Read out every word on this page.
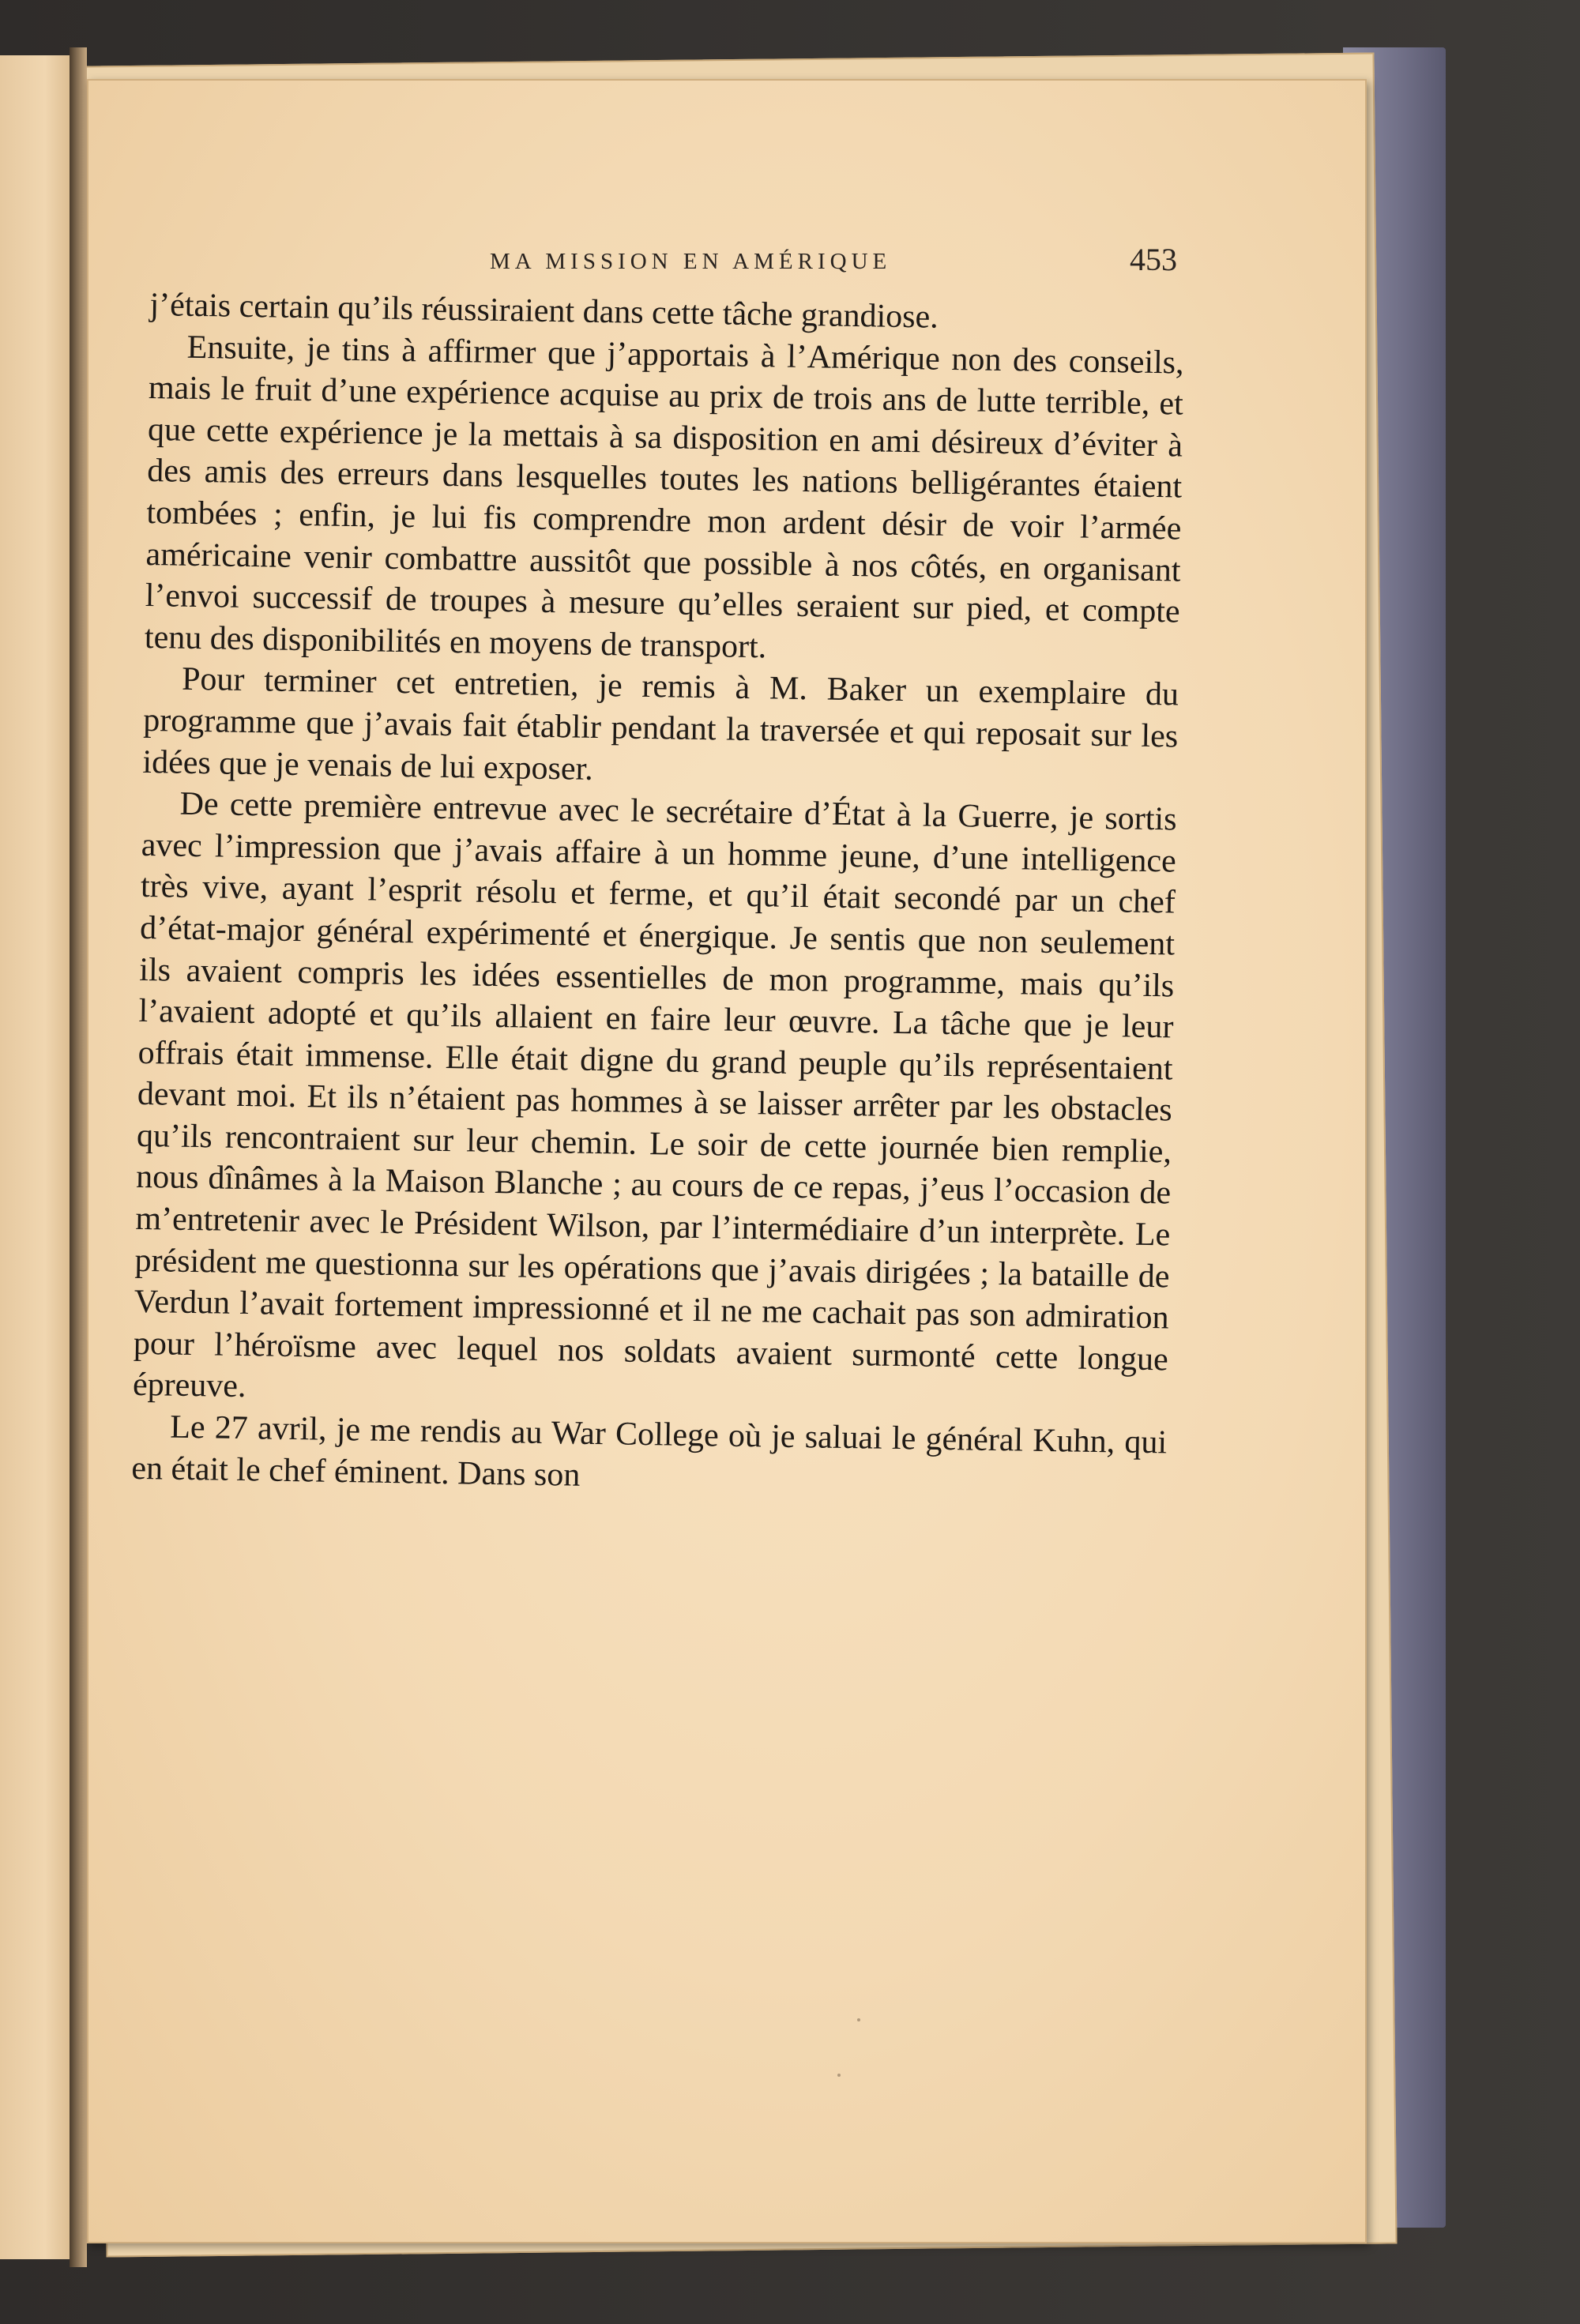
MA MISSION EN AMÉRIQUE	453

j’étais certain qu’ils réussiraient dans cette tâche grandiose.

Ensuite, je tins à affirmer que j’apportais à l’Amérique non des conseils, mais le fruit d’une expérience acquise au prix de trois ans de lutte terrible, et que cette expérience je la mettais à sa disposition en ami désireux d’éviter à des amis des erreurs dans lesquelles toutes les nations belligérantes étaient tombées ; enfin, je lui fis comprendre mon ardent désir de voir l’armée américaine venir combattre aussitôt que possible à nos côtés, en organisant l’envoi successif de troupes à mesure qu’elles seraient sur pied, et compte tenu des disponibilités en moyens de transport.

Pour terminer cet entretien, je remis à M. Baker un exemplaire du programme que j’avais fait établir pendant la traversée et qui reposait sur les idées que je venais de lui exposer.

De cette première entrevue avec le secrétaire d’État à la Guerre, je sortis avec l’impression que j’avais affaire à un homme jeune, d’une intelligence très vive, ayant l’esprit résolu et ferme, et qu’il était secondé par un chef d’état-major général expérimenté et énergique. Je sentis que non seulement ils avaient compris les idées essentielles de mon programme, mais qu’ils l’avaient adopté et qu’ils allaient en faire leur œuvre. La tâche que je leur offrais était immense. Elle était digne du grand peuple qu’ils représentaient devant moi. Et ils n’étaient pas hommes à se laisser arrêter par les obstacles qu’ils rencontraient sur leur chemin. Le soir de cette journée bien remplie, nous dînâmes à la Maison Blanche ; au cours de ce repas, j’eus l’occasion de m’entretenir avec le Président Wilson, par l’intermédiaire d’un interprète. Le président me questionna sur les opérations que j’avais dirigées ; la bataille de Verdun l’avait fortement impressionné et il ne me cachait pas son admiration pour l’héroïsme avec lequel nos soldats avaient surmonté cette longue épreuve.

Le 27 avril, je me rendis au War College où je saluai le général Kuhn, qui en était le chef éminent. Dans son
